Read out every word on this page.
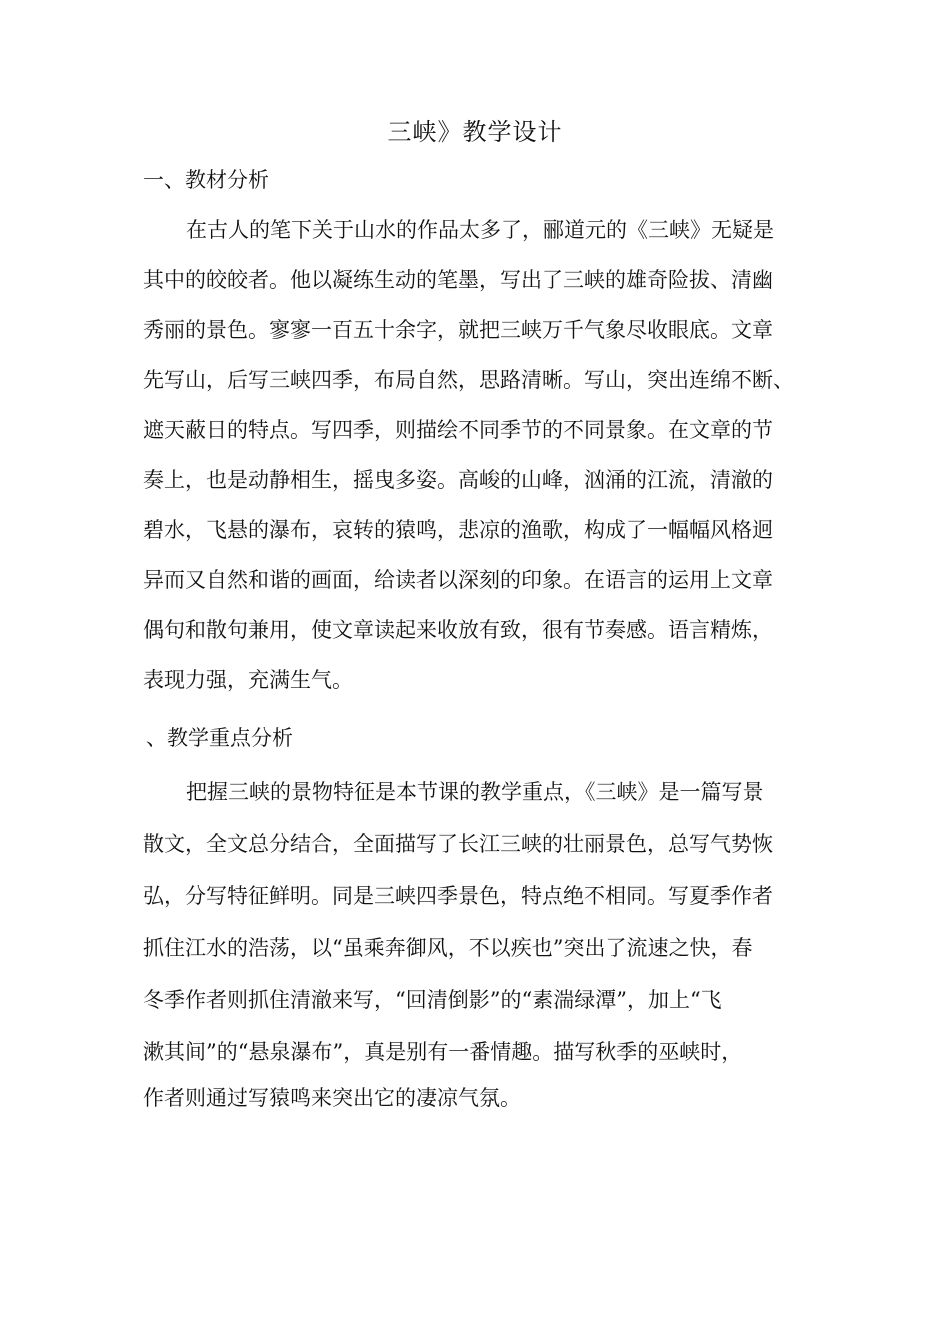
三峡》教学设计
一、教材分析

在古人的笔下关于山水的作品太多了，郦道元的《三峡》无疑是

其中的皎皎者。他以凝练生动的笔墨，写出了三峡的雄奇险拔、清幽

秀丽的景色。寥寥一百五十余字，就把三峡万千气象尽收眼底。文章

先写山，后写三峡四季，布局自然，思路清晰。写山，突出连绵不断、

遮天蔽日的特点。写四季，则描绘不同季节的不同景象。在文章的节

奏上，也是动静相生，摇曳多姿。高峻的山峰，汹涌的江流，清澈的

碧水，飞悬的瀑布，哀转的猿鸣，悲凉的渔歌，构成了一幅幅风格迥

异而又自然和谐的画面，给读者以深刻的印象。在语言的运用上文章

偶句和散句兼用，使文章读起来收放有致，很有节奏感。语言精炼，

表现力强，充满生气。

、教学重点分析

把握三峡的景物特征是本节课的教学重点，《三峡》是一篇写景

散文，全文总分结合，全面描写了长江三峡的壮丽景色，总写气势恢

弘，分写特征鲜明。同是三峡四季景色，特点绝不相同。写夏季作者

抓住江水的浩荡，以“虽乘奔御风，不以疾也”突出了流速之快，春

冬季作者则抓住清澈来写，“回清倒影”的“素湍绿潭”，加上“飞

漱其间”的“悬泉瀑布”，真是别有一番情趣。描写秋季的巫峡时，

作者则通过写猿鸣来突出它的凄凉气氛。
